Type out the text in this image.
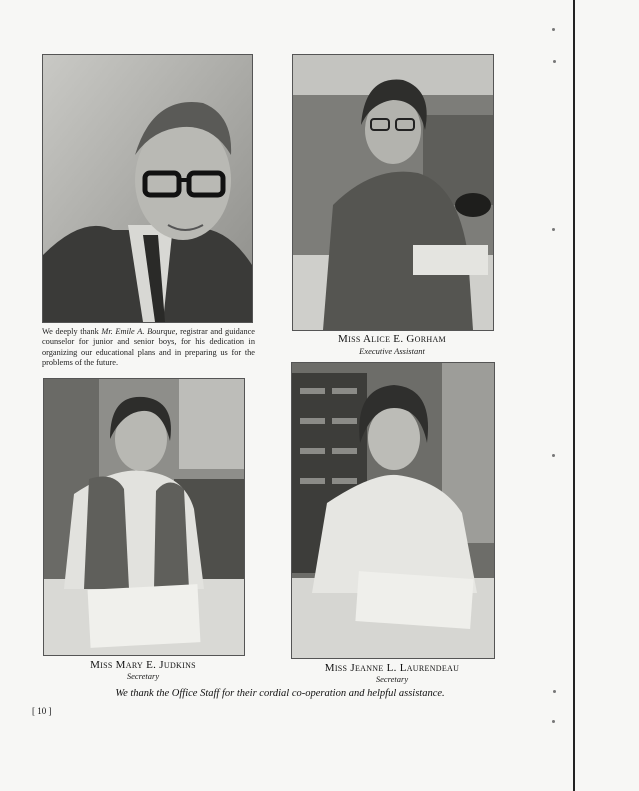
We deeply thank Mr. Emile A. Bourque, registrar and guidance counselor for junior and senior boys, for his dedication in organizing our educational plans and in preparing us for the problems of the future.
Miss Alice E. Gorham
Executive Assistant
Miss Mary E. Judkins
Secretary
Miss Jeanne L. Laurendeau
Secretary
We thank the Office Staff for their cordial co-operation and helpful assistance.
[ 10 ]
